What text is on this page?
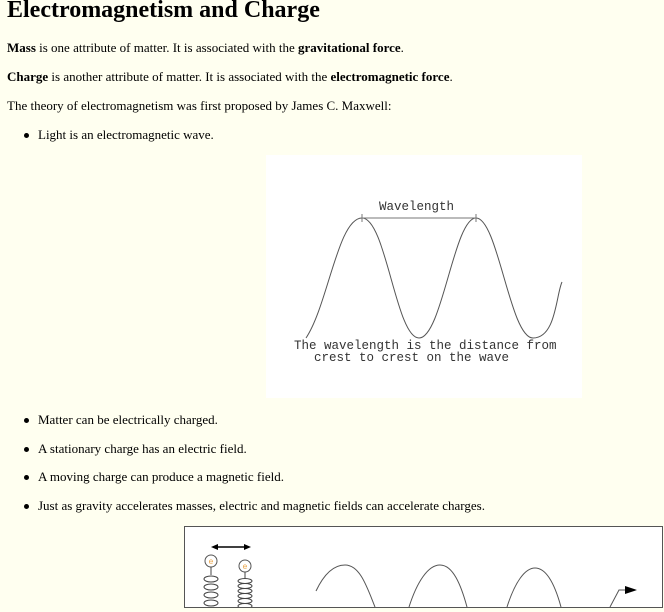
Electromagnetism and Charge

Mass is one attribute of matter. It is associated with the gravitational force.

Charge is another attribute of matter. It is associated with the electromagnetic force.

The theory of electromagnetism was first proposed by James C. Maxwell:

Light is an electromagnetic wave.
Wavelength
The wavelength is the distance from
crest to crest on the wave
Matter can be electrically charged.
A stationary charge has an electric field.
A moving charge can produce a magnetic field.
Just as gravity accelerates masses, electric and magnetic fields can accelerate charges.
e
e
